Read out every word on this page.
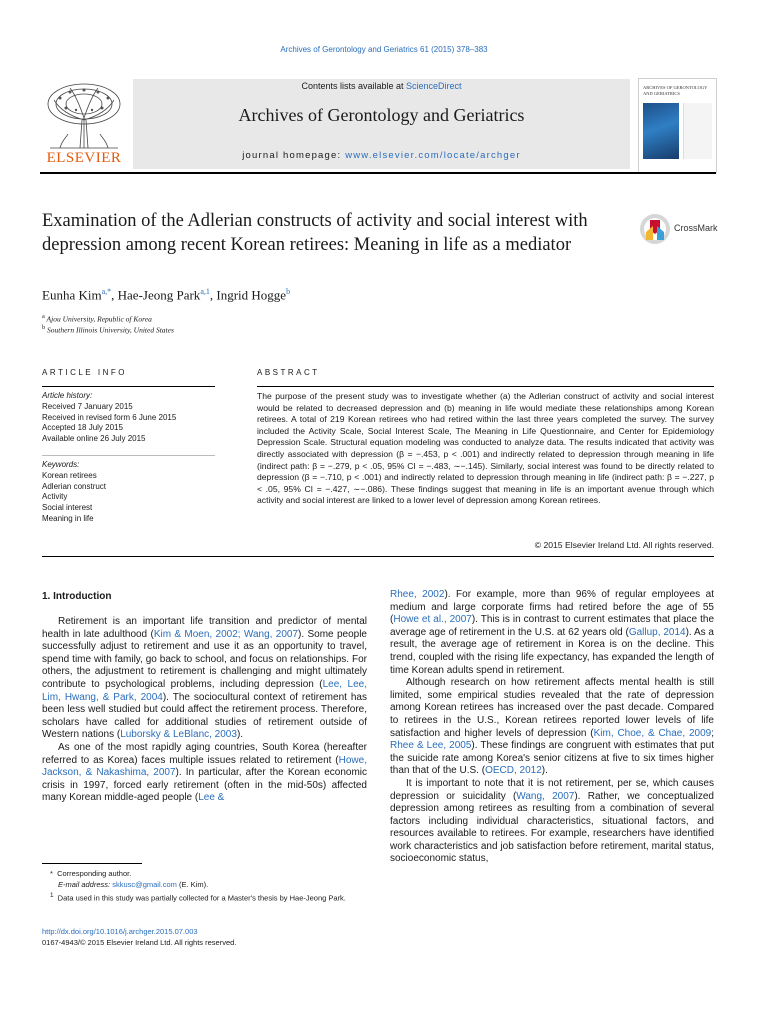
Archives of Gerontology and Geriatrics 61 (2015) 378–383
ELSEVIER
Contents lists available at ScienceDirect
Archives of Gerontology and Geriatrics
journal homepage: www.elsevier.com/locate/archger
ARCHIVES OF GERONTOLOGY AND GERIATRICS
Examination of the Adlerian constructs of activity and social interest with depression among recent Korean retirees: Meaning in life as a mediator
CrossMark
Eunha Kim$^{a,*}$, Hae-Jeong Park$^{a,1}$, Ingrid Hogge$^b$
$^a$ Ajou University, Republic of Korea
$^b$ Southern Illinois University, United States
ARTICLE INFO
Article history:
Received 7 January 2015
Received in revised form 6 June 2015
Accepted 18 July 2015
Available online 26 July 2015
Keywords:
Korean retirees
Adlerian construct
Activity
Social interest
Meaning in life
ABSTRACT
The purpose of the present study was to investigate whether (a) the Adlerian construct of activity and social interest would be related to decreased depression and (b) meaning in life would mediate these relationships among Korean retirees. A total of 219 Korean retirees who had retired within the last three years completed the survey. The survey included the Activity Scale, Social Interest Scale, The Meaning in Life Questionnaire, and Center for Epidemiology Depression Scale. Structural equation modeling was conducted to analyze data. The results indicated that activity was directly associated with depression (β = −.453, p < .001) and indirectly related to depression through meaning in life (indirect path: β = −.279, p < .05, 95% CI = −.483, ∼−.145). Similarly, social interest was found to be directly related to depression (β = −.710, p < .001) and indirectly related to depression through meaning in life (indirect path: β = −.227, p < .05, 95% CI = −.427, ∼−.086). These findings suggest that meaning in life is an important avenue through which activity and social interest are linked to a lower level of depression among Korean retirees.
© 2015 Elsevier Ireland Ltd. All rights reserved.
1. Introduction

Retirement is an important life transition and predictor of mental health in late adulthood (Kim & Moen, 2002; Wang, 2007). Some people successfully adjust to retirement and use it as an opportunity to travel, spend time with family, go back to school, and focus on relationships. For others, the adjustment to retirement is challenging and might ultimately contribute to psychological problems, including depression (Lee, Lee, Lim, Hwang, & Park, 2004). The sociocultural context of retirement has been less well studied but could affect the retirement process. Therefore, scholars have called for additional studies of retirement outside of Western nations (Luborsky & LeBlanc, 2003).

As one of the most rapidly aging countries, South Korea (hereafter referred to as Korea) faces multiple issues related to retirement (Howe, Jackson, & Nakashima, 2007). In particular, after the Korean economic crisis in 1997, forced early retirement (often in the mid-50s) affected many Korean middle-aged people (Lee &

Rhee, 2002). For example, more than 96% of regular employees at medium and large corporate firms had retired before the age of 55 (Howe et al., 2007). This is in contrast to current estimates that place the average age of retirement in the U.S. at 62 years old (Gallup, 2014). As a result, the average age of retirement in Korea is on the decline. This trend, coupled with the rising life expectancy, has expanded the length of time Korean adults spend in retirement.

Although research on how retirement affects mental health is still limited, some empirical studies revealed that the rate of depression among Korean retirees has increased over the past decade. Compared to retirees in the U.S., Korean retirees reported lower levels of life satisfaction and higher levels of depression (Kim, Choe, & Chae, 2009; Rhee & Lee, 2005). These findings are congruent with estimates that put the suicide rate among Korea's senior citizens at five to six times higher than that of the U.S. (OECD, 2012).

It is important to note that it is not retirement, per se, which causes depression or suicidality (Wang, 2007). Rather, we conceptualized depression among retirees as resulting from a combination of several factors including individual characteristics, situational factors, and resources available to retirees. For example, researchers have identified work characteristics and job satisfaction before retirement, marital status, socioeconomic status,

*  Corresponding author.
E-mail address: skkusc@gmail.com (E. Kim).
$^1$ Data used in this study was partially collected for a Master's thesis by Hae-Jeong Park.
http://dx.doi.org/10.1016/j.archger.2015.07.003
0167-4943/© 2015 Elsevier Ireland Ltd. All rights reserved.
